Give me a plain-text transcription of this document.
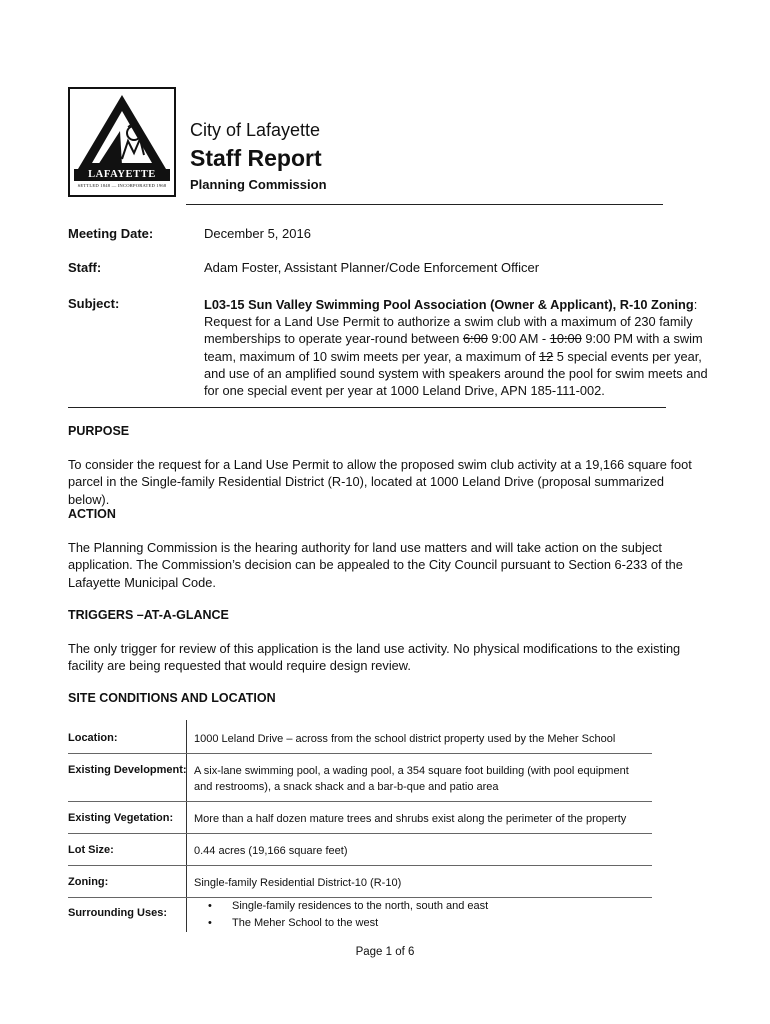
LAFAYETTE
SETTLED 1848 — INCORPORATED 1968
City of Lafayette
Staff Report
Planning Commission
Meeting Date:	December 5, 2016
Staff:	Adam Foster, Assistant Planner/Code Enforcement Officer
Subject:	L03-15 Sun Valley Swimming Pool Association (Owner & Applicant), R-10 Zoning: Request for a Land Use Permit to authorize a swim club with a maximum of 230 family memberships to operate year-round between 6:00 9:00 AM - 10:00 9:00 PM with a swim team, maximum of 10 swim meets per year, a maximum of 12 5 special events per year, and use of an amplified sound system with speakers around the pool for swim meets and for one special event per year at 1000 Leland Drive, APN 185-111-002.
PURPOSE
To consider the request for a Land Use Permit to allow the proposed swim club activity at a 19,166 square foot parcel in the Single-family Residential District (R-10), located at 1000 Leland Drive (proposal summarized below).
ACTION
The Planning Commission is the hearing authority for land use matters and will take action on the subject application. The Commission’s decision can be appealed to the City Council pursuant to Section 6-233 of the Lafayette Municipal Code.
TRIGGERS –AT-A-GLANCE
The only trigger for review of this application is the land use activity. No physical modifications to the existing facility are being requested that would require design review.
SITE CONDITIONS AND LOCATION
Location:	1000 Leland Drive – across from the school district property used by the Meher School
Existing Development: A six-lane swimming pool, a wading pool, a 354 square foot building (with pool equipment and restrooms), a snack shack and a bar-b-que and patio area
Existing Vegetation: More than a half dozen mature trees and shrubs exist along the perimeter of the property
Lot Size:	0.44 acres (19,166 square feet)
Zoning:	Single-family Residential District-10 (R-10)
Surrounding Uses:
• Single-family residences to the north, south and east
• The Meher School to the west
Page 1 of 6
